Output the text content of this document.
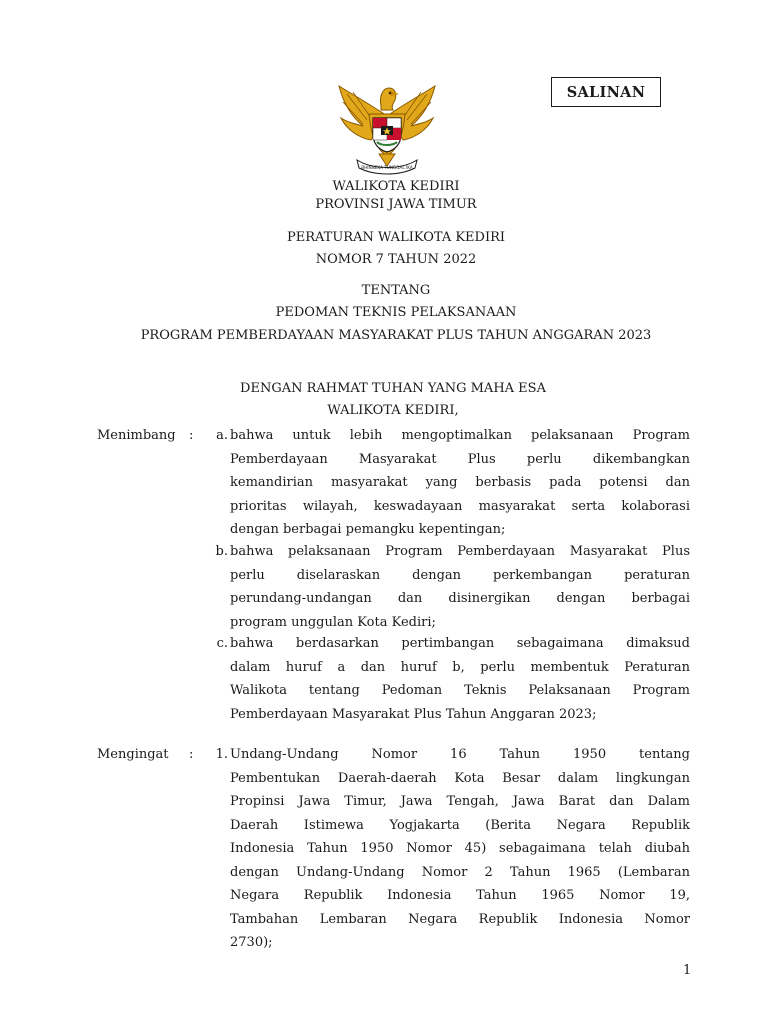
BHINNEKA TUNGGAL IKA
SALINAN
WALIKOTA KEDIRI
PROVINSI JAWA TIMUR
PERATURAN WALIKOTA KEDIRI
NOMOR 7 TAHUN 2022
TENTANG
PEDOMAN TEKNIS PELAKSANAAN
PROGRAM PEMBERDAYAAN MASYARAKAT PLUS TAHUN ANGGARAN 2023
DENGAN RAHMAT TUHAN YANG MAHA ESA
WALIKOTA KEDIRI,
Menimbang :	a. bahwa untuk lebih mengoptimalkan pelaksanaan Program
Pemberdayaan Masyarakat Plus perlu dikembangkan
kemandirian masyarakat yang berbasis pada potensi dan
prioritas wilayah, keswadayaan masyarakat serta kolaborasi
dengan berbagai pemangku kepentingan;
b. bahwa pelaksanaan Program Pemberdayaan Masyarakat Plus
perlu diselaraskan dengan perkembangan peraturan
perundang-undangan dan disinergikan dengan berbagai
program unggulan Kota Kediri;
c. bahwa berdasarkan pertimbangan sebagaimana dimaksud
dalam huruf a dan huruf b, perlu membentuk Peraturan
Walikota tentang Pedoman Teknis Pelaksanaan Program
Pemberdayaan Masyarakat Plus Tahun Anggaran 2023;
Mengingat :	1. Undang-Undang Nomor 16 Tahun 1950 tentang
Pembentukan Daerah-daerah Kota Besar dalam lingkungan
Propinsi Jawa Timur, Jawa Tengah, Jawa Barat dan Dalam
Daerah Istimewa Yogjakarta (Berita Negara Republik
Indonesia Tahun 1950 Nomor 45) sebagaimana telah diubah
dengan Undang-Undang Nomor 2 Tahun 1965 (Lembaran
Negara Republik Indonesia Tahun 1965 Nomor 19,
Tambahan Lembaran Negara Republik Indonesia Nomor
2730);
1
